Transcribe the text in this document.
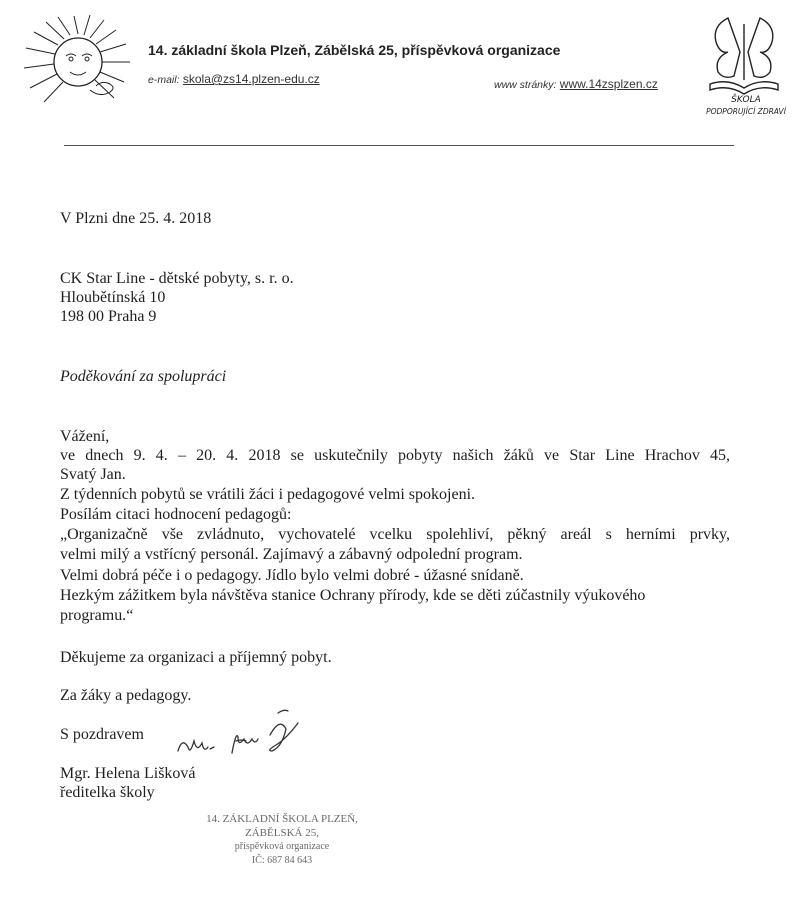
14. základní škola Plzeň, Zábělská 25, příspěvková organizace
e-mail: skola@zs14.plzen-edu.cz	www stránky: www.14zsplzen.cz
ŠKOLA
PODPORUJÍCÍ ZDRAVÍ
V Plzni dne 25. 4. 2018
CK Star Line - dětské pobyty, s. r. o.
Hloubětínská 10
198 00 Praha 9
Poděkování za spolupráci
Vážení,
ve dnech 9. 4. – 20. 4. 2018 se uskutečnily pobyty našich žáků ve Star Line Hrachov 45,
Svatý Jan.
Z týdenních pobytů se vrátili žáci i pedagogové velmi spokojeni.
Posílám citaci hodnocení pedagogů:
„Organizačně vše zvládnuto, vychovatelé vcelku spolehliví, pěkný areál s herními prvky,
velmi milý a vstřícný personál. Zajímavý a zábavný odpolední program.
Velmi dobrá péče i o pedagogy. Jídlo bylo velmi dobré - úžasné snídaně.
Hezkým zážitkem byla návštěva stanice Ochrany přírody, kde se děti zúčastnily výukového
programu.“
Děkujeme za organizaci a příjemný pobyt.
Za žáky a pedagogy.
S pozdravem
Mgr. Helena Lišková
ředitelka školy
14. ZÁKLADNÍ ŠKOLA PLZEŇ,
ZÁBĚLSKÁ 25,
příspěvková organizace
IČ: 687 84 643
